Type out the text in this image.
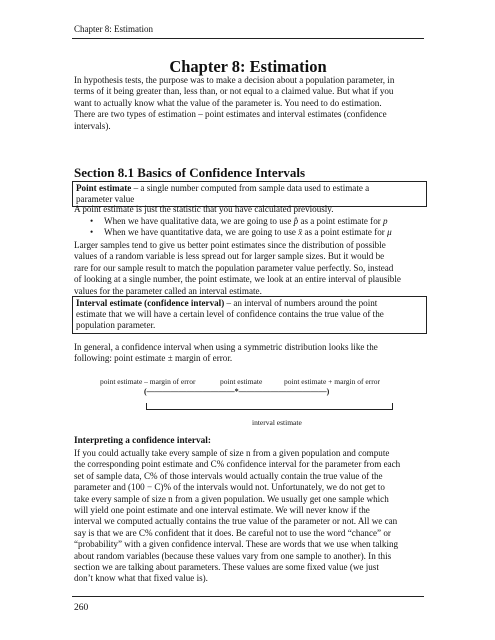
Chapter 8: Estimation
Chapter 8: Estimation
In hypothesis tests, the purpose was to make a decision about a population parameter, in
terms of it being greater than, less than, or not equal to a claimed value. But what if you
want to actually know what the value of the parameter is. You need to do estimation.
There are two types of estimation – point estimates and interval estimates (confidence
intervals).
Section 8.1 Basics of Confidence Intervals
Point estimate – a single number computed from sample data used to estimate a
parameter value
A point estimate is just the statistic that you have calculated previously.
• When we have qualitative data, we are going to use p̂ as a point estimate for p
• When we have quantitative data, we are going to use x̄ as a point estimate for μ
Larger samples tend to give us better point estimates since the distribution of possible
values of a random variable is less spread out for larger sample sizes. But it would be
rare for our sample result to match the population parameter value perfectly. So, instead
of looking at a single number, the point estimate, we look at an entire interval of plausible
values for the parameter called an interval estimate.
Interval estimate (confidence interval) – an interval of numbers around the point
estimate that we will have a certain level of confidence contains the true value of the
population parameter.
In general, a confidence interval when using a symmetric distribution looks like the
following: point estimate ± margin of error.
point estimate – margin of error	point estimate	point estimate + margin of error
(———————————*———————————)
interval estimate
Interpreting a confidence interval:
If you could actually take every sample of size n from a given population and compute
the corresponding point estimate and C% confidence interval for the parameter from each
set of sample data, C% of those intervals would actually contain the true value of the
parameter and (100 − C)% of the intervals would not. Unfortunately, we do not get to
take every sample of size n from a given population. We usually get one sample which
will yield one point estimate and one interval estimate. We will never know if the
interval we computed actually contains the true value of the parameter or not. All we can
say is that we are C% confident that it does. Be careful not to use the word “chance” or
“probability” with a given confidence interval. These are words that we use when talking
about random variables (because these values vary from one sample to another). In this
section we are talking about parameters. These values are some fixed value (we just
don’t know what that fixed value is).
260
